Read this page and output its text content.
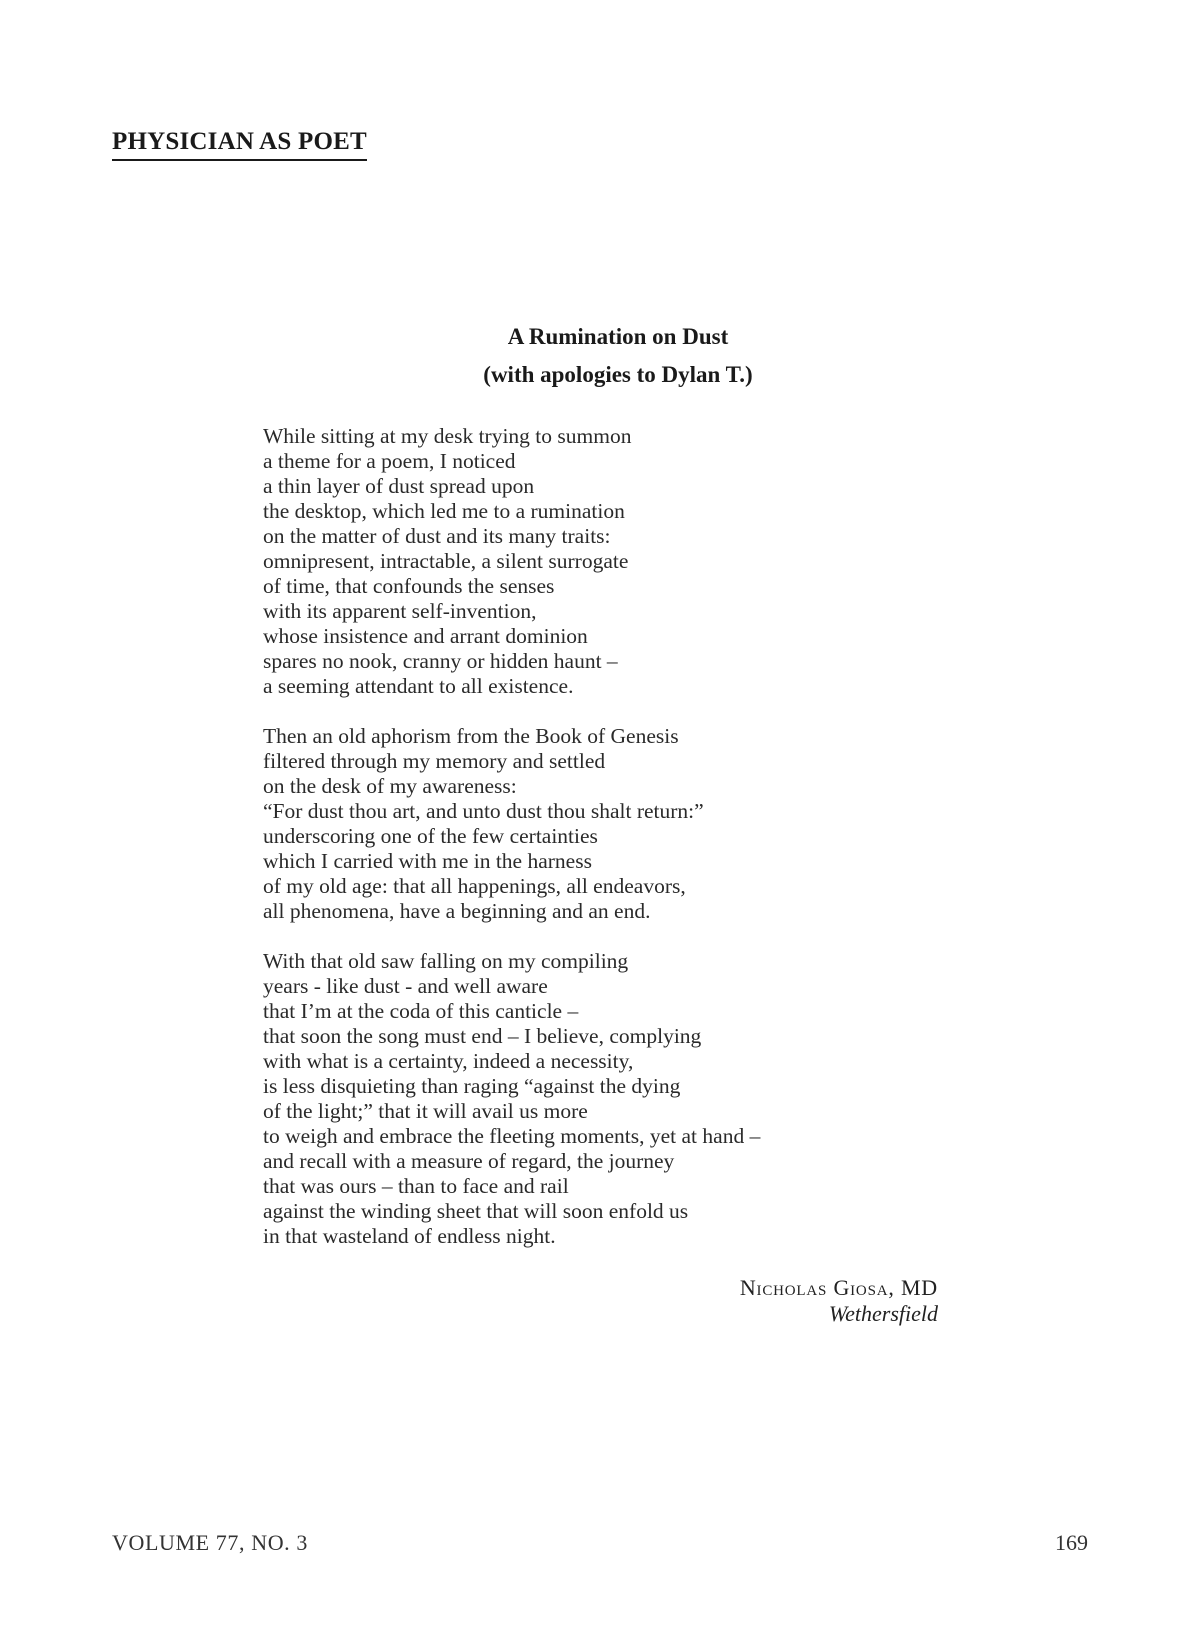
PHYSICIAN AS POET
A Rumination on Dust
(with apologies to Dylan T.)
While sitting at my desk trying to summon
a theme for a poem, I noticed
a thin layer of dust spread upon
the desktop, which led me to a rumination
on the matter of dust and its many traits:
omnipresent, intractable, a silent surrogate
of time, that confounds the senses
with its apparent self-invention,
whose insistence and arrant dominion
spares no nook, cranny or hidden haunt –
a seeming attendant to all existence.
Then an old aphorism from the Book of Genesis
filtered through my memory and settled
on the desk of my awareness:
“For dust thou art, and unto dust thou shalt return:”
underscoring one of the few certainties
which I carried with me in the harness
of my old age: that all happenings, all endeavors,
all phenomena, have a beginning and an end.
With that old saw falling on my compiling
years - like dust - and well aware
that I’m at the coda of this canticle –
that soon the song must end – I believe, complying
with what is a certainty, indeed a necessity,
is less disquieting than raging “against the dying
of the light;” that it will avail us more
to weigh and embrace the fleeting moments, yet at hand –
and recall with a measure of regard, the journey
that was ours – than to face and rail
against the winding sheet that will soon enfold us
in that wasteland of endless night.
Nicholas Giosa, MD
Wethersfield
VOLUME 77, NO. 3	169
